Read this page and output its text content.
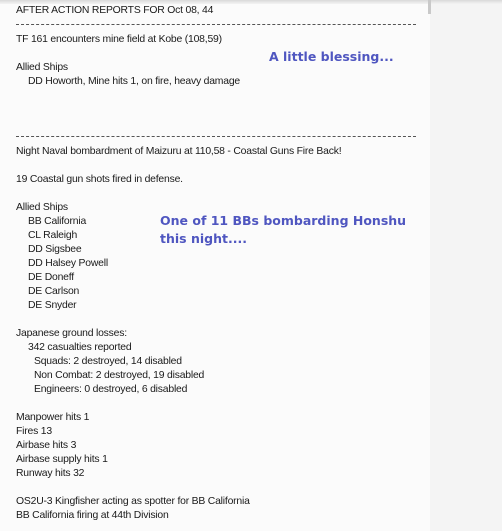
AFTER ACTION REPORTS FOR Oct 08, 44
TF 161 encounters mine field at Kobe (108,59)
Allied Ships
DD Howorth, Mine hits 1, on fire, heavy damage
A little blessing...
Night Naval bombardment of Maizuru at 110,58 - Coastal Guns Fire Back!
19 Coastal gun shots fired in defense.
Allied Ships
BB California
CL Raleigh
DD Sigsbee
DD Halsey Powell
DE Doneff
DE Carlson
DE Snyder
One of 11 BBs bombarding Honshu
this night....
Japanese ground losses:
342 casualties reported
Squads: 2 destroyed, 14 disabled
Non Combat: 2 destroyed, 19 disabled
Engineers: 0 destroyed, 6 disabled
Manpower hits 1
Fires 13
Airbase hits 3
Airbase supply hits 1
Runway hits 32
OS2U-3 Kingfisher acting as spotter for BB California
BB California firing at 44th Division
